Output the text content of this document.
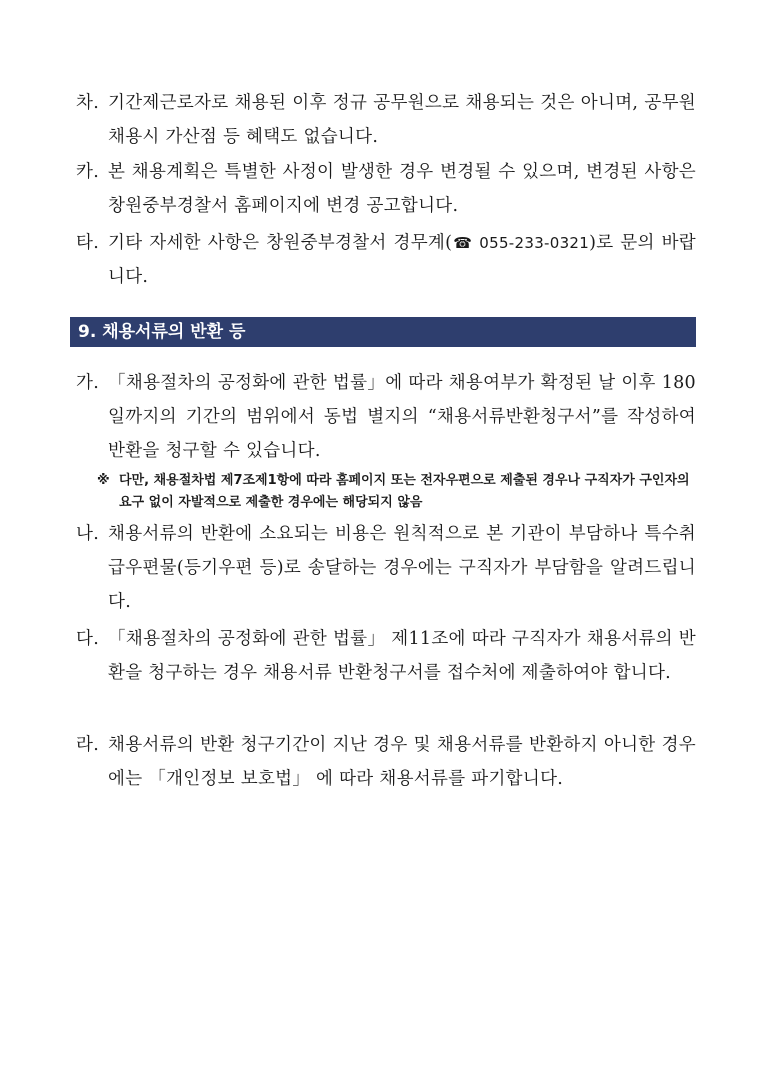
차. 기간제근로자로 채용된 이후 정규 공무원으로 채용되는 것은 아니며, 공무원 채용시 가산점 등 혜택도 없습니다.
카. 본 채용계획은 특별한 사정이 발생한 경우 변경될 수 있으며, 변경된 사항은 창원중부경찰서 홈페이지에 변경 공고합니다.
타. 기타 자세한 사항은 창원중부경찰서 경무계(☎ 055-233-0321)로 문의 바랍니다.
9. 채용서류의 반환 등
가. 「채용절차의 공정화에 관한 법률」에 따라 채용여부가 확정된 날 이후 180일까지의 기간의 범위에서 동법 별지의 “채용서류반환청구서”를 작성하여 반환을 청구할 수 있습니다.
※ 다만, 채용절차법 제7조제1항에 따라 홈페이지 또는 전자우편으로 제출된 경우나 구직자가 구인자의 요구 없이 자발적으로 제출한 경우에는 해당되지 않음
나. 채용서류의 반환에 소요되는 비용은 원칙적으로 본 기관이 부담하나 특수취급우편물(등기우편 등)로 송달하는 경우에는 구직자가 부담함을 알려드립니다.
다. 「채용절차의 공정화에 관한 법률」 제11조에 따라 구직자가 채용서류의 반환을 청구하는 경우 채용서류 반환청구서를 접수처에 제출하여야 합니다.
라. 채용서류의 반환 청구기간이 지난 경우 및 채용서류를 반환하지 아니한 경우에는 「개인정보 보호법」 에 따라 채용서류를 파기합니다.
